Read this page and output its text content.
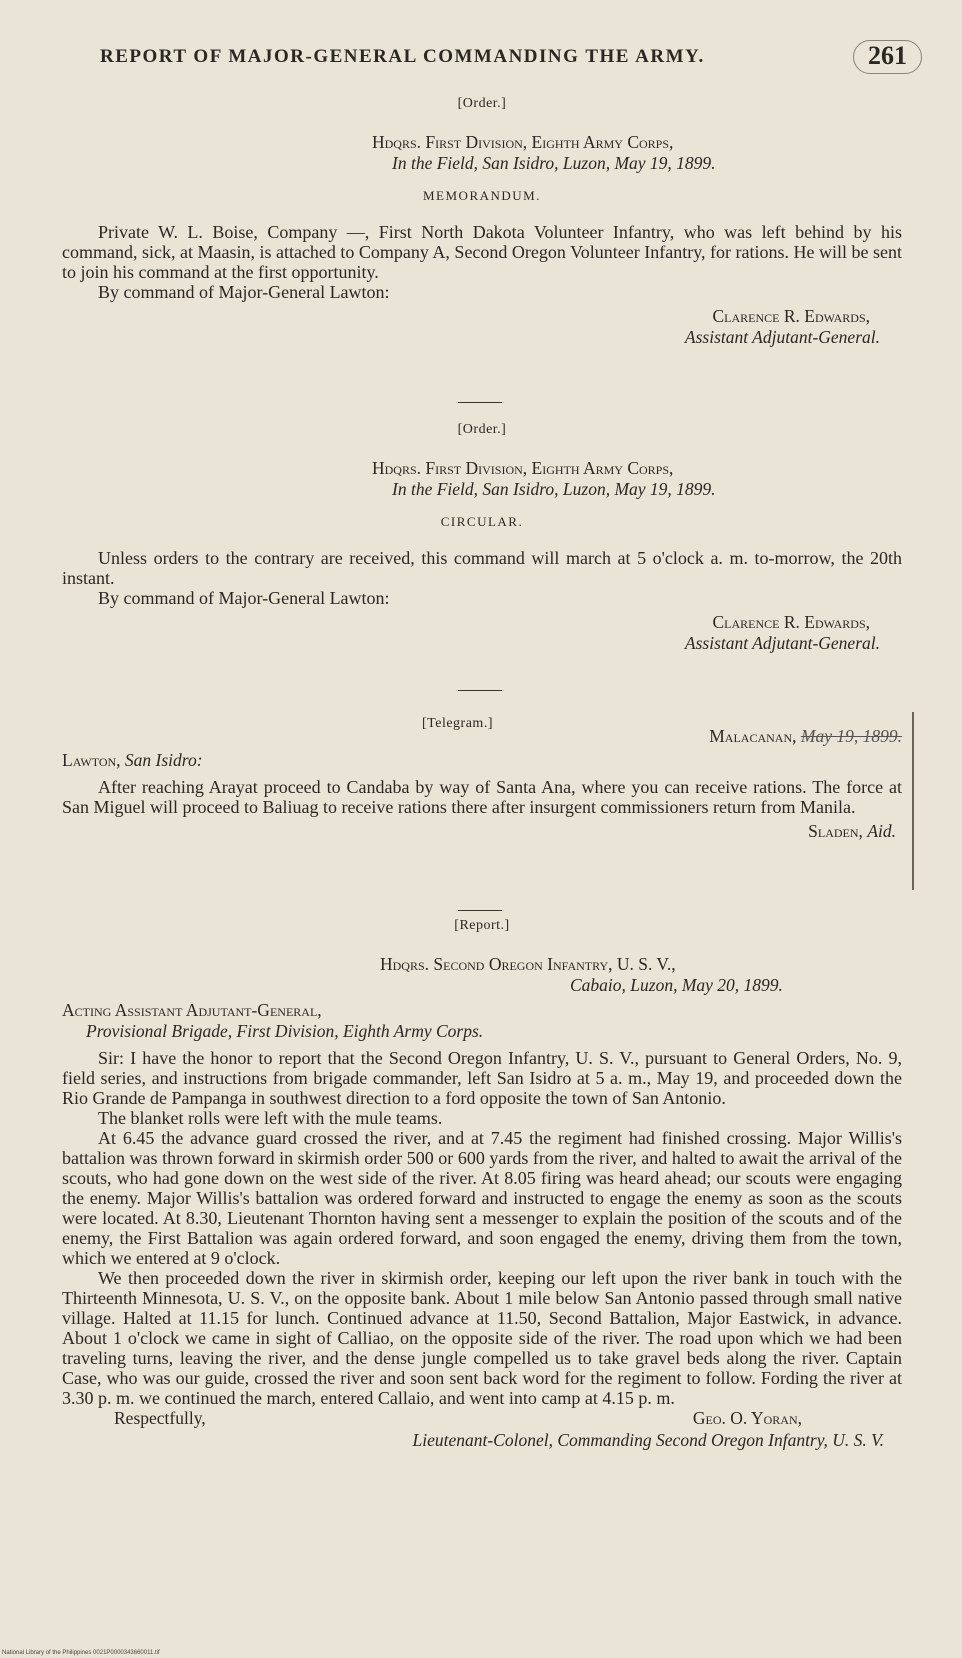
REPORT OF MAJOR-GENERAL COMMANDING THE ARMY.	261
[Order.]
Hdqrs. First Division, Eighth Army Corps,
In the Field, San Isidro, Luzon, May 19, 1899.
MEMORANDUM.

Private W. L. Boise, Company —, First North Dakota Volunteer Infantry, who was left behind by his command, sick, at Maasin, is attached to Company A, Second Oregon Volunteer Infantry, for rations. He will be sent to join his command at the first opportunity.

By command of Major-General Lawton:

Clarence R. Edwards,
Assistant Adjutant-General.
[Order.]
Hdqrs. First Division, Eighth Army Corps,
In the Field, San Isidro, Luzon, May 19, 1899.
CIRCULAR.

Unless orders to the contrary are received, this command will march at 5 o'clock a. m. to-morrow, the 20th instant.

By command of Major-General Lawton:

Clarence R. Edwards,
Assistant Adjutant-General.
[Telegram.]
Malacanan, May 19, 1899.
Lawton, San Isidro:

After reaching Arayat proceed to Candaba by way of Santa Ana, where you can receive rations. The force at San Miguel will proceed to Baliuag to receive rations there after insurgent commissioners return from Manila.

Sladen, Aid.
[Report.]
Hdqrs. Second Oregon Infantry, U. S. V.,
Cabaio, Luzon, May 20, 1899.
Acting Assistant Adjutant-General,
Provisional Brigade, First Division, Eighth Army Corps.

Sir: I have the honor to report that the Second Oregon Infantry, U. S. V., pursuant to General Orders, No. 9, field series, and instructions from brigade commander, left San Isidro at 5 a. m., May 19, and proceeded down the Rio Grande de Pampanga in southwest direction to a ford opposite the town of San Antonio.

The blanket rolls were left with the mule teams.

At 6.45 the advance guard crossed the river, and at 7.45 the regiment had finished crossing. Major Willis's battalion was thrown forward in skirmish order 500 or 600 yards from the river, and halted to await the arrival of the scouts, who had gone down on the west side of the river. At 8.05 firing was heard ahead; our scouts were engaging the enemy. Major Willis's battalion was ordered forward and instructed to engage the enemy as soon as the scouts were located. At 8.30, Lieutenant Thornton having sent a messenger to explain the position of the scouts and of the enemy, the First Battalion was again ordered forward, and soon engaged the enemy, driving them from the town, which we entered at 9 o'clock.

We then proceeded down the river in skirmish order, keeping our left upon the river bank in touch with the Thirteenth Minnesota, U. S. V., on the opposite bank. About 1 mile below San Antonio passed through small native village. Halted at 11.15 for lunch. Continued advance at 11.50, Second Battalion, Major Eastwick, in advance. About 1 o'clock we came in sight of Calliao, on the opposite side of the river. The road upon which we had been traveling turns, leaving the river, and the dense jungle compelled us to take gravel beds along the river. Captain Case, who was our guide, crossed the river and soon sent back word for the regiment to follow. Fording the river at 3.30 p. m. we continued the march, entered Callaio, and went into camp at 4.15 p. m.

Respectfully,	Geo. O. Yoran,
Lieutenant-Colonel, Commanding Second Oregon Infantry, U. S. V.
National Library of the Philippines 0021P0000343660011.tif
